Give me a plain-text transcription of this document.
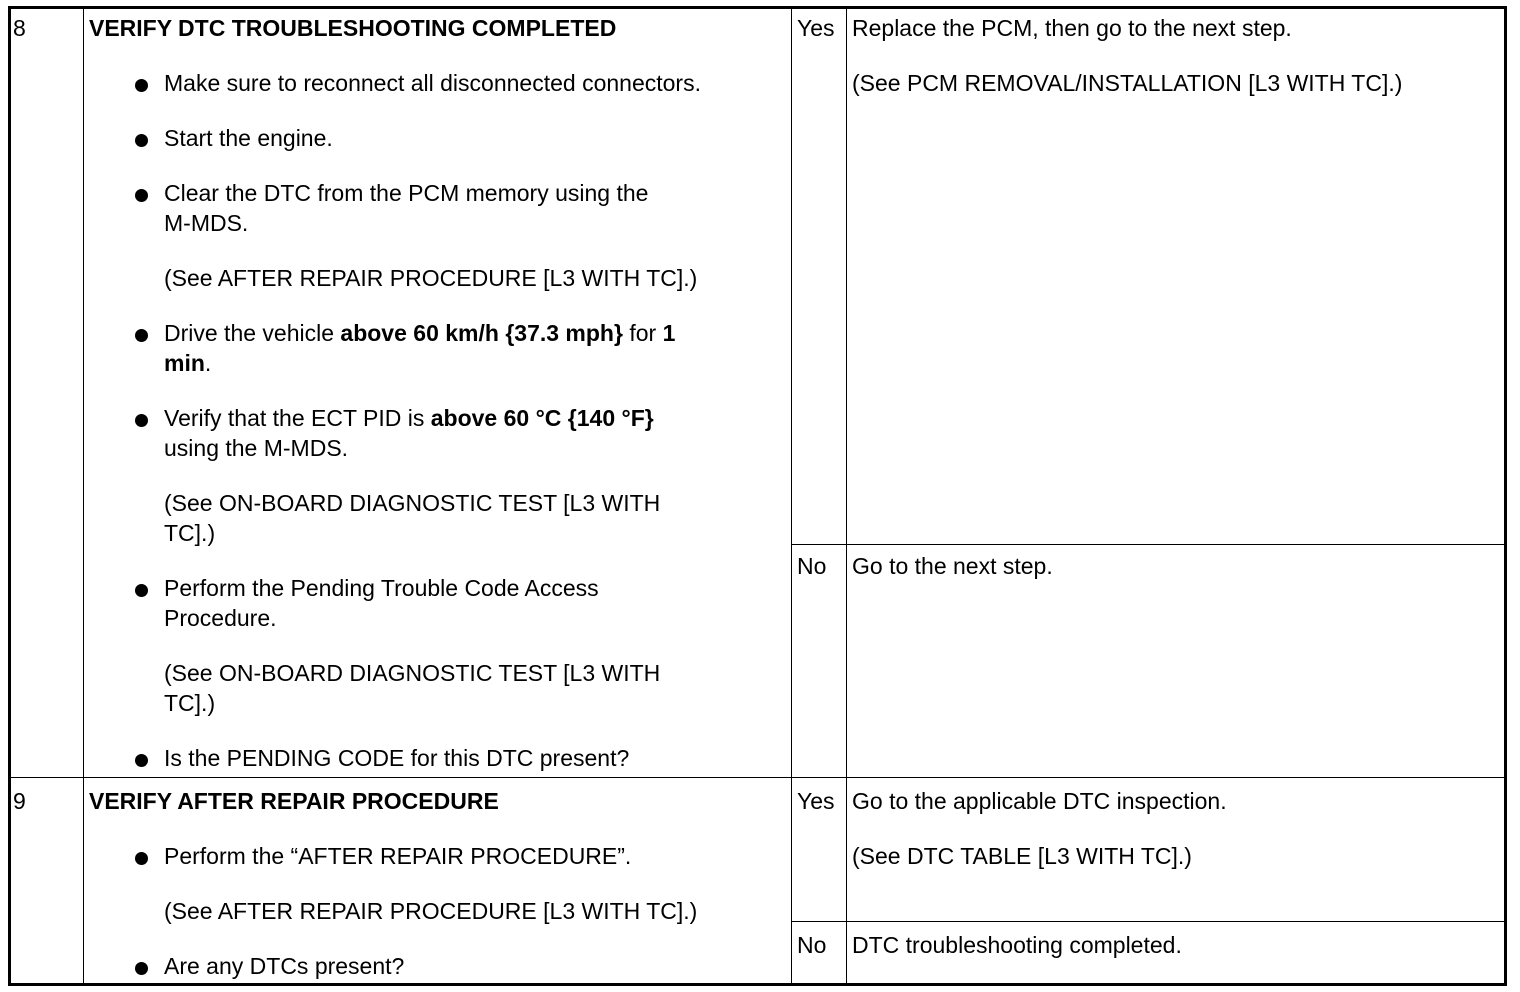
8	VERIFY DTC TROUBLESHOOTING COMPLETED
Make sure to reconnect all disconnected connectors.
Start the engine.
Clear the DTC from the PCM memory using the
M-MDS.
(See AFTER REPAIR PROCEDURE [L3 WITH TC].)
Drive the vehicle above 60 km/h {37.3 mph} for 1
min.
Verify that the ECT PID is above 60 °C {140 °F}
using the M-MDS.
(See ON-BOARD DIAGNOSTIC TEST [L3 WITH
TC].)
Perform the Pending Trouble Code Access
Procedure.
(See ON-BOARD DIAGNOSTIC TEST [L3 WITH
TC].)
Is the PENDING CODE for this DTC present?
Yes Replace the PCM, then go to the next step.
(See PCM REMOVAL/INSTALLATION [L3 WITH TC].)
No Go to the next step.
9	VERIFY AFTER REPAIR PROCEDURE
Perform the “AFTER REPAIR PROCEDURE”.
(See AFTER REPAIR PROCEDURE [L3 WITH TC].)
Are any DTCs present?
Yes Go to the applicable DTC inspection.
(See DTC TABLE [L3 WITH TC].)
No DTC troubleshooting completed.
